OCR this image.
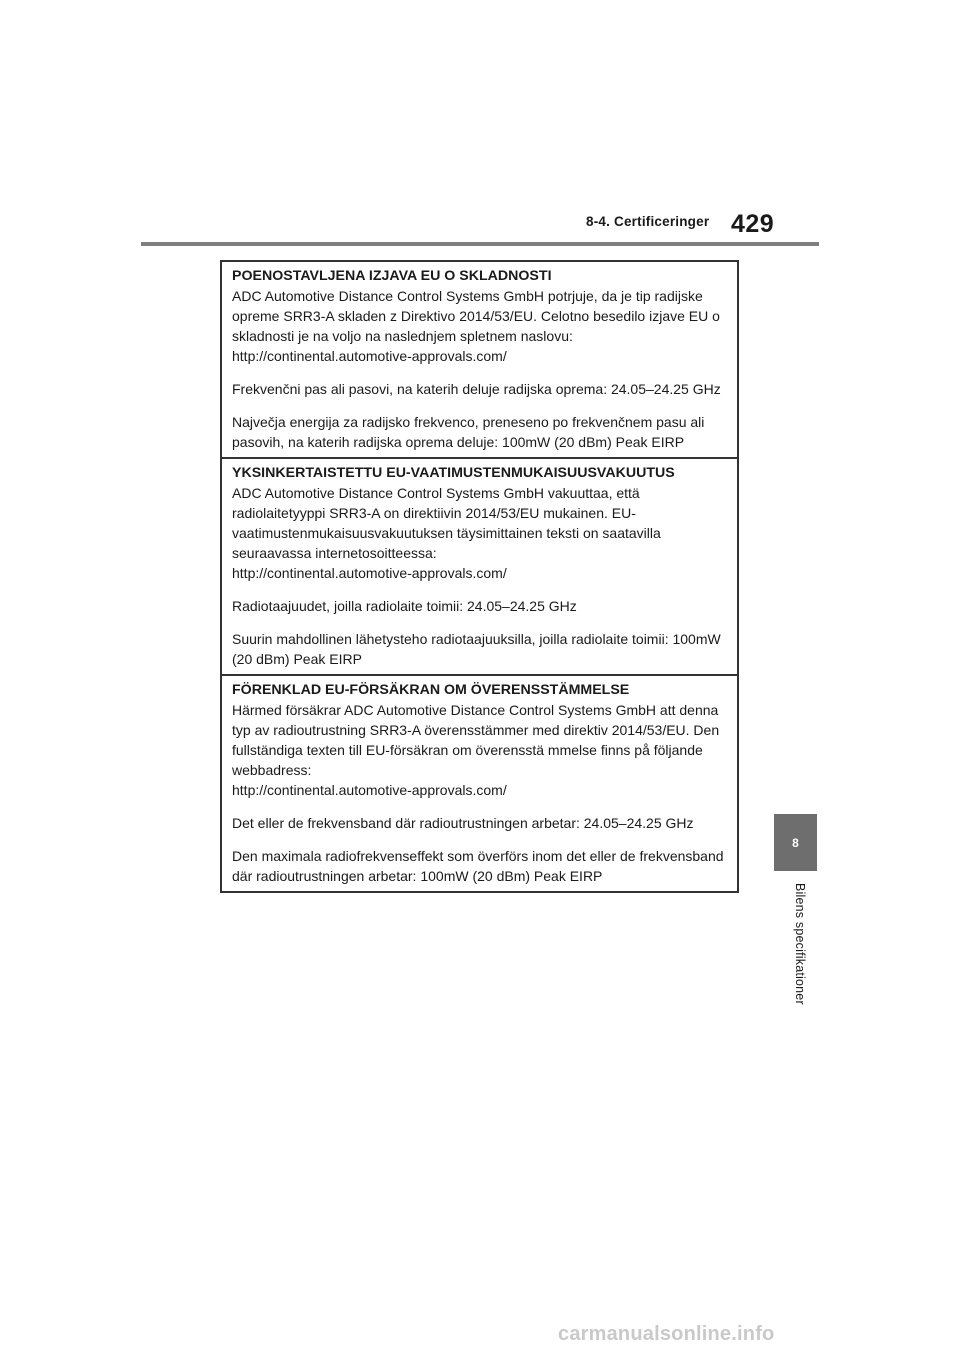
8-4. Certificeringer 429

POENOSTAVLJENA IZJAVA EU O SKLADNOSTI

ADC Automotive Distance Control Systems GmbH potrjuje, da je tip radijske opreme SRR3-A skladen z Direktivo 2014/53/EU. Celotno besedilo izjave EU o skladnosti je na voljo na naslednjem spletnem naslovu:
http://continental.automotive-approvals.com/

Frekvenčni pas ali pasovi, na katerih deluje radijska oprema: 24.05–24.25 GHz

Največja energija za radijsko frekvenco, preneseno po frekvenčnem pasu ali pasovih, na katerih radijska oprema deluje: 100mW (20 dBm) Peak EIRP

YKSINKERTAISTETTU EU-VAATIMUSTENMUKAISUUSVAKUUTUS

ADC Automotive Distance Control Systems GmbH vakuuttaa, että radiolaitetyyppi SRR3-A on direktiivin 2014/53/EU mukainen. EU-vaatimustenmukaisuusvakuutuksen täysimittainen teksti on saatavilla seuraavassa internetosoitteessa:
http://continental.automotive-approvals.com/

Radiotaajuudet, joilla radiolaite toimii: 24.05–24.25 GHz

Suurin mahdollinen lähetysteho radiotaajuuksilla, joilla radiolaite toimii: 100mW (20 dBm) Peak EIRP

FÖRENKLAD EU-FÖRSÄKRAN OM ÖVERENSSTÄMMELSE

Härmed försäkrar ADC Automotive Distance Control Systems GmbH att denna typ av radioutrustning SRR3-A överensstämmer med direktiv 2014/53/EU. Den fullständiga texten till EU-försäkran om överensstä mmelse finns på följande webbadress:
http://continental.automotive-approvals.com/

Det eller de frekvensband där radioutrustningen arbetar: 24.05–24.25 GHz

Den maximala radiofrekvenseffekt som överförs inom det eller de frekvensband där radioutrustningen arbetar: 100mW (20 dBm) Peak EIRP

8
Bilens specifikationer
carmanualsonline.info
